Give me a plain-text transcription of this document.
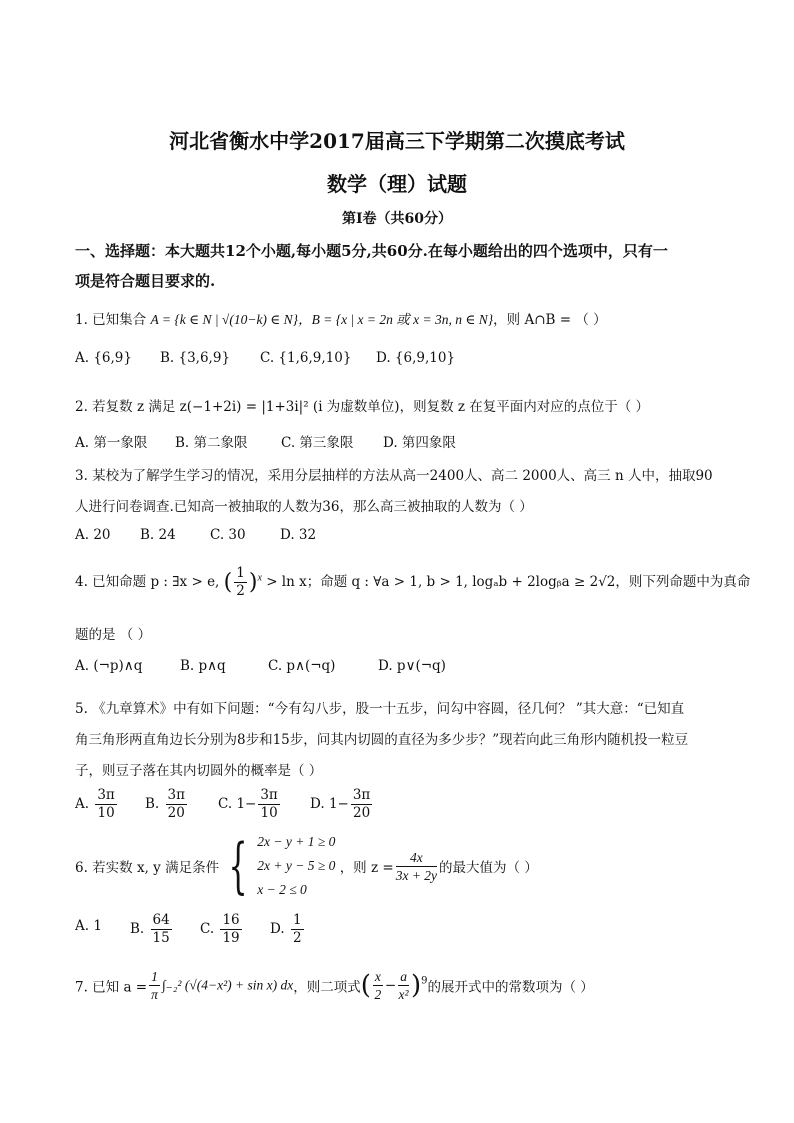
河北省衡水中学2017届高三下学期第二次摸底考试
数学（理）试题
第Ⅰ卷（共60分）
一、选择题：本大题共12个小题,每小题5分,共60分.在每小题给出的四个选项中，只有一
项是符合题目要求的.
1. 已知集合 A = {k ∈ N | √(10−k) ∈ N}，B = {x | x = 2n 或 x = 3n, n ∈ N}，则 A∩B = （ ）
A. {6,9} B. {3,6,9} C. {1,6,9,10} D. {6,9,10}
2. 若复数 z 满足 z(−1+2i) = |1+3i|² (i 为虚数单位)，则复数 z 在复平面内对应的点位于（ ）
A. 第一象限 B. 第二象限 C. 第三象限 D. 第四象限
3. 某校为了解学生学习的情况，采用分层抽样的方法从高一2400人、高二 2000人、高三 n 人中，抽取90
人进行问卷调查.已知高一被抽取的人数为36，那么高三被抽取的人数为（ ）
A. 20 B. 24	C. 30	D. 32
4. 已知命题 p : ∃x > e, ( $\frac{1}{2} )^x > \ln x$；命题 q : ∀a > 1, b > 1, logₐb + 2logᵦa ≥ 2√2，则下列命题中为真命
题的是 （ ）
A. (¬p)∧q	B. p∧q	C. p∧(¬q)	D. p∨(¬q)
5. 《九章算术》中有如下问题：“今有勾八步，股一十五步，问勾中容圆，径几何？ ”其大意：“已知直
角三角形两直角边长分别为8步和15步，问其内切圆的直径为多少步？”现若向此三角形内随机投一粒豆
子，则豆子落在其内切圆外的概率是（ ）
A. $\frac{3\pi}{10} B$. $\frac{3\pi}{20} C$. $1- \frac{3\pi}{10} D$. $1- \frac{3\pi}{20}$
6. 若实数 x, y 满足条件 { 2x − y + 1 ≥ 0
2x + y − 5 ≥ 0
x − 2 ≤ 0
，则 $z = \frac{4x}{3x + 2y}$ 的最大值为（ ）
A. 1 B. $\frac{64}{15} C$. $\frac{16}{19} D$. $\frac{1}{2}$
7. 已知 $a = \frac{1}{\pi} \int_{-2}^2$ (√(4−x²) + sin x) dx，则二项式( $\frac{x}{2} - \frac{a}{\text{x²}} )^9$的展开式中的常数项为（ ）
